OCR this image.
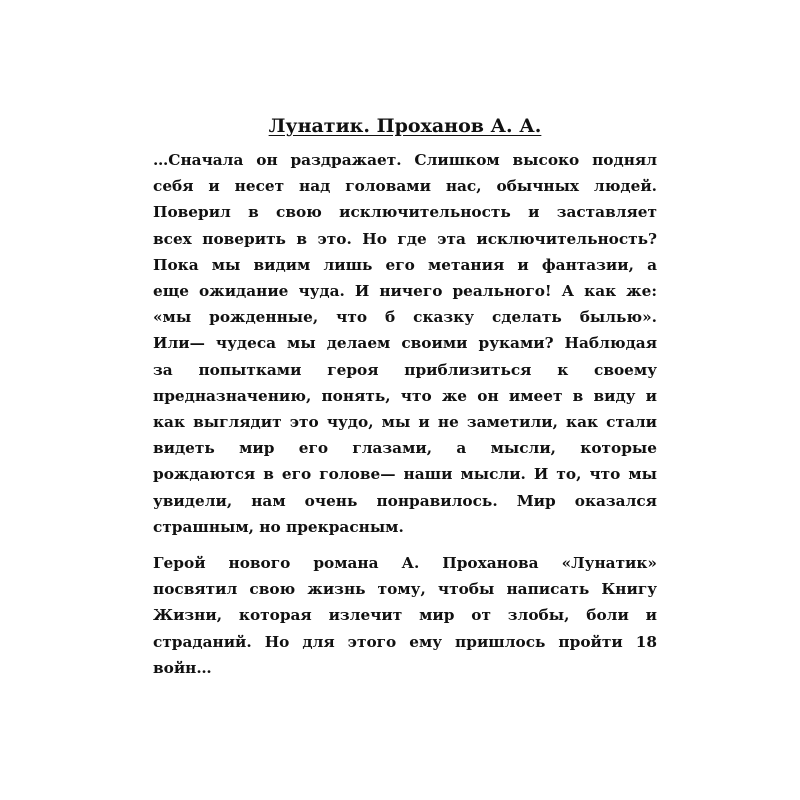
Лунатик. Проханов А. А.
…Сначала он раздражает. Слишком высоко поднял
себя и несет над головами нас, обычных людей.
Поверил в свою исключительность и заставляет
всех поверить в это. Но где эта исключительность?
Пока мы видим лишь его метания и фантазии, а
еще ожидание чуда. И ничего реального! А как же:
«мы рожденные, что б сказку сделать былью».
Или— чудеса мы делаем своими руками? Наблюдая
за попытками героя приблизиться к своему
предназначению, понять, что же он имеет в виду и
как выглядит это чудо, мы и не заметили, как стали
видеть мир его глазами, а мысли, которые
рождаются в его голове— наши мысли. И то, что мы
увидели, нам очень понравилось. Мир оказался
страшным, но прекрасным.
Герой нового романа А. Проханова «Лунатик»
посвятил свою жизнь тому, чтобы написать Книгу
Жизни, которая излечит мир от злобы, боли и
страданий. Но для этого ему пришлось пройти 18
войн…
